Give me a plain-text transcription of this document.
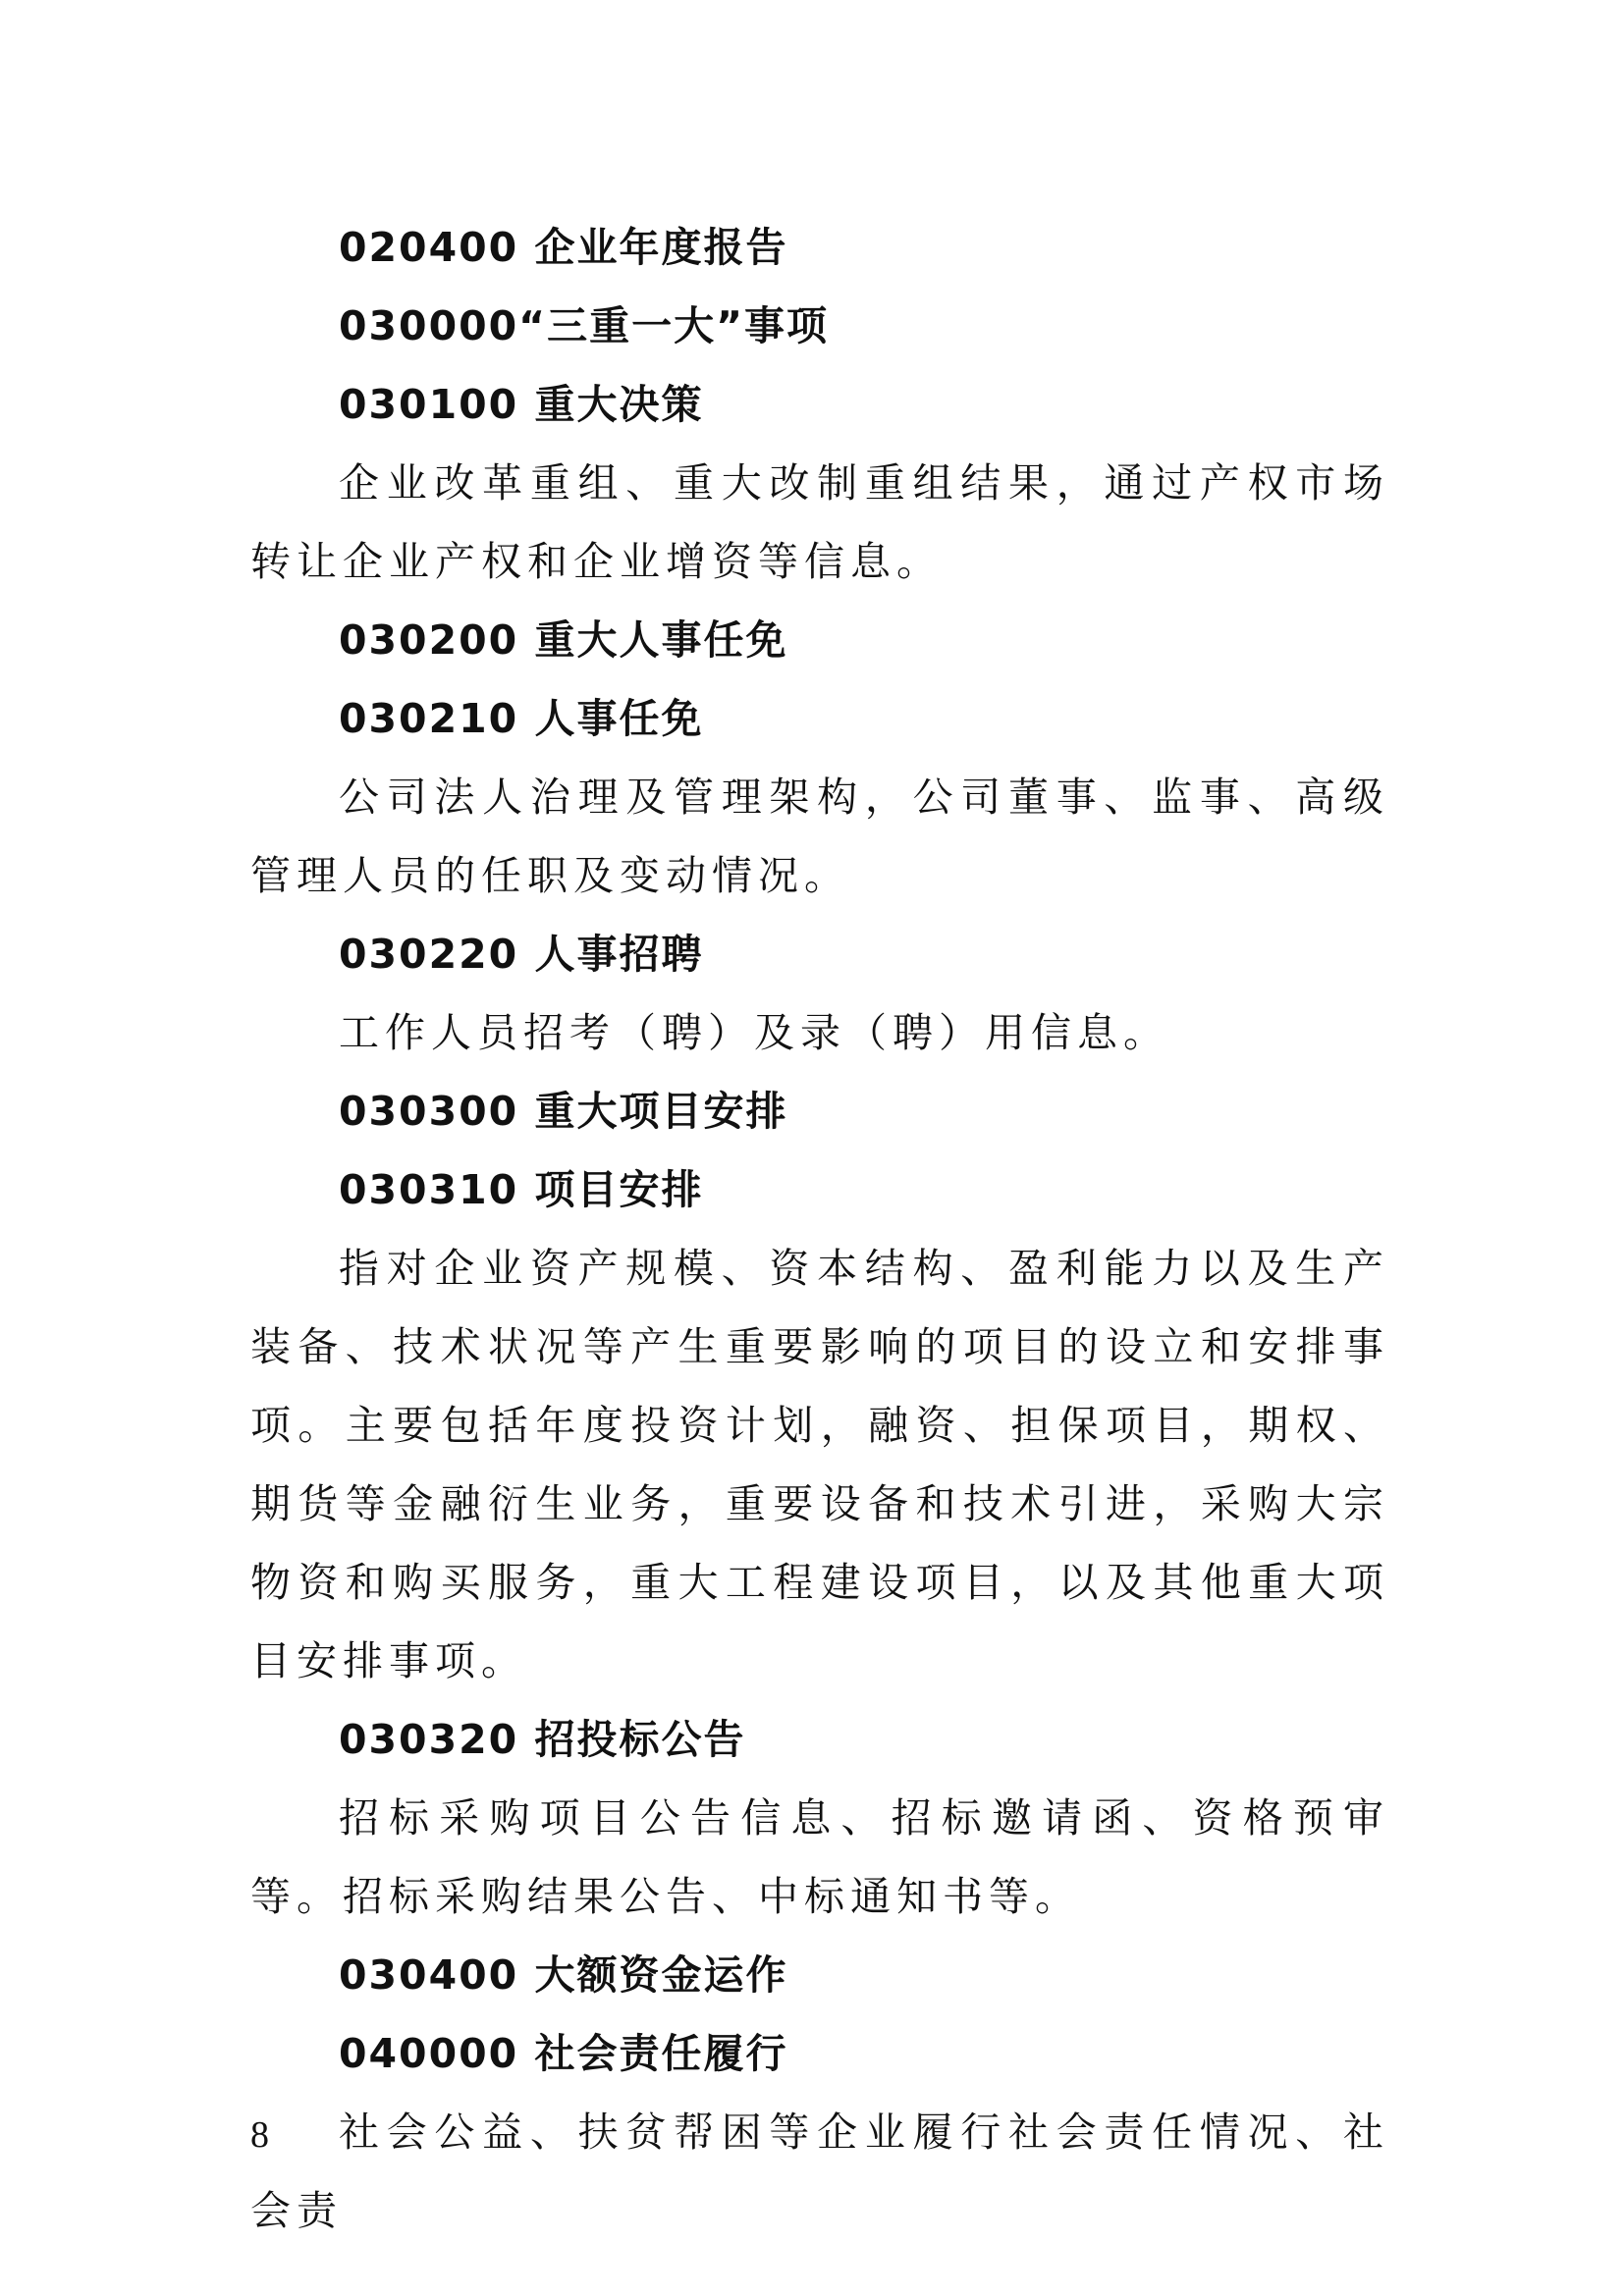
020400 企业年度报告

030000“三重一大”事项

030100 重大决策

企业改革重组、重大改制重组结果，通过产权市场转让企业产权和企业增资等信息。

030200 重大人事任免

030210 人事任免

公司法人治理及管理架构，公司董事、监事、高级管理人员的任职及变动情况。

030220 人事招聘

工作人员招考（聘）及录（聘）用信息。

030300 重大项目安排

030310 项目安排

指对企业资产规模、资本结构、盈利能力以及生产装备、技术状况等产生重要影响的项目的设立和安排事项。主要包括年度投资计划，融资、担保项目，期权、期货等金融衍生业务，重要设备和技术引进，采购大宗物资和购买服务，重大工程建设项目，以及其他重大项目安排事项。

030320 招投标公告

招标采购项目公告信息、招标邀请函、资格预审等。招标采购结果公告、中标通知书等。

030400 大额资金运作

040000 社会责任履行

社会公益、扶贫帮困等企业履行社会责任情况、社会责

8
